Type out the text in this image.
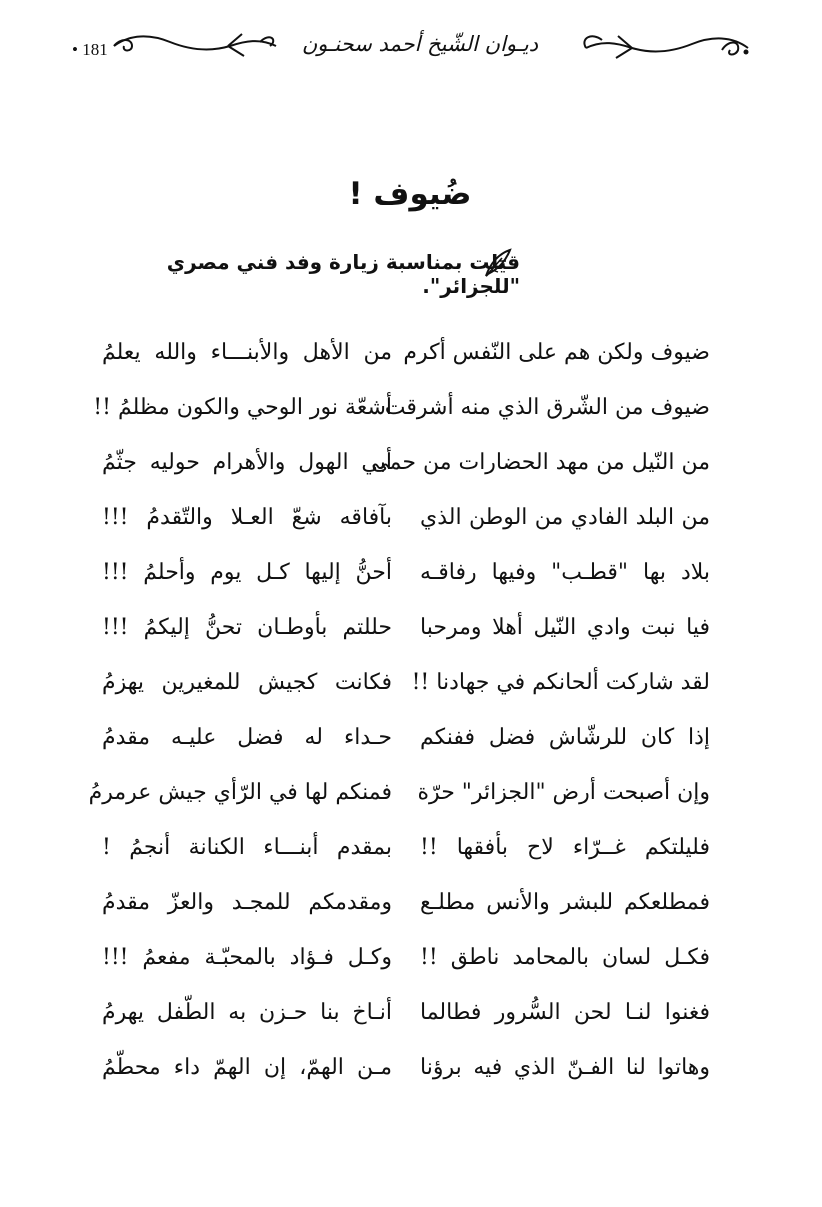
• 181	ديـوان الشّيخ أحمد سحنـون
ضُيوف !
قيلت بمناسبة زيارة وفد فني مصري "للجزائر".
ضيوف ولكن هم على النّفس أكرم
من الأهل والأبنـــاء والله يعلمُ
ضيوف من الشّرق الذي منه أشرقت
أشعّة نور الوحي والكون مظلمُ !!
من النّيل من مهد الحضارات من حمى
أبي الهول والأهرام حوليه جثّمُ
من البلد الفادي من الوطن الذي
بآفاقه شعّ العـلا والتّقدمُ !!!
بلاد بها "قطـب" وفيها رفاقـه
أحنُّ إليها كـل يوم وأحلمُ !!!
فيا نبت وادي النّيل أهلا ومرحبا
حللتم بأوطـان تحنُّ إليكمُ !!!
لقد شاركت ألحانكم في جهادنا !!
فكانت كجيش للمغيرين يهزمُ
إذا كان للرشّاش فضل ففنكم
حـداء له فضل عليـه مقدمُ
وإن أصبحت أرض "الجزائر" حرّة
فمنكم لها في الرّأي جيش عرمرمُ
فليلتكم غــرّاء لاح بأفقها !!
بمقدم أبنـــاء الكنانة أنجمُ !
فمطلعكم للبشر والأنس مطلـع
ومقدمكم للمجـد والعزّ مقدمُ
فكـل لسان بالمحامد ناطق !!
وكـل فـؤاد بالمحبّـة مفعمُ !!!
فغنوا لنـا لحن السُّرور فطالما
أنـاخ بنا حـزن به الطّفل يهرمُ
وهاتوا لنا الفـنّ الذي فيه برؤنا
مـن الهمّ، إن الهمّ داء محطّمُ
